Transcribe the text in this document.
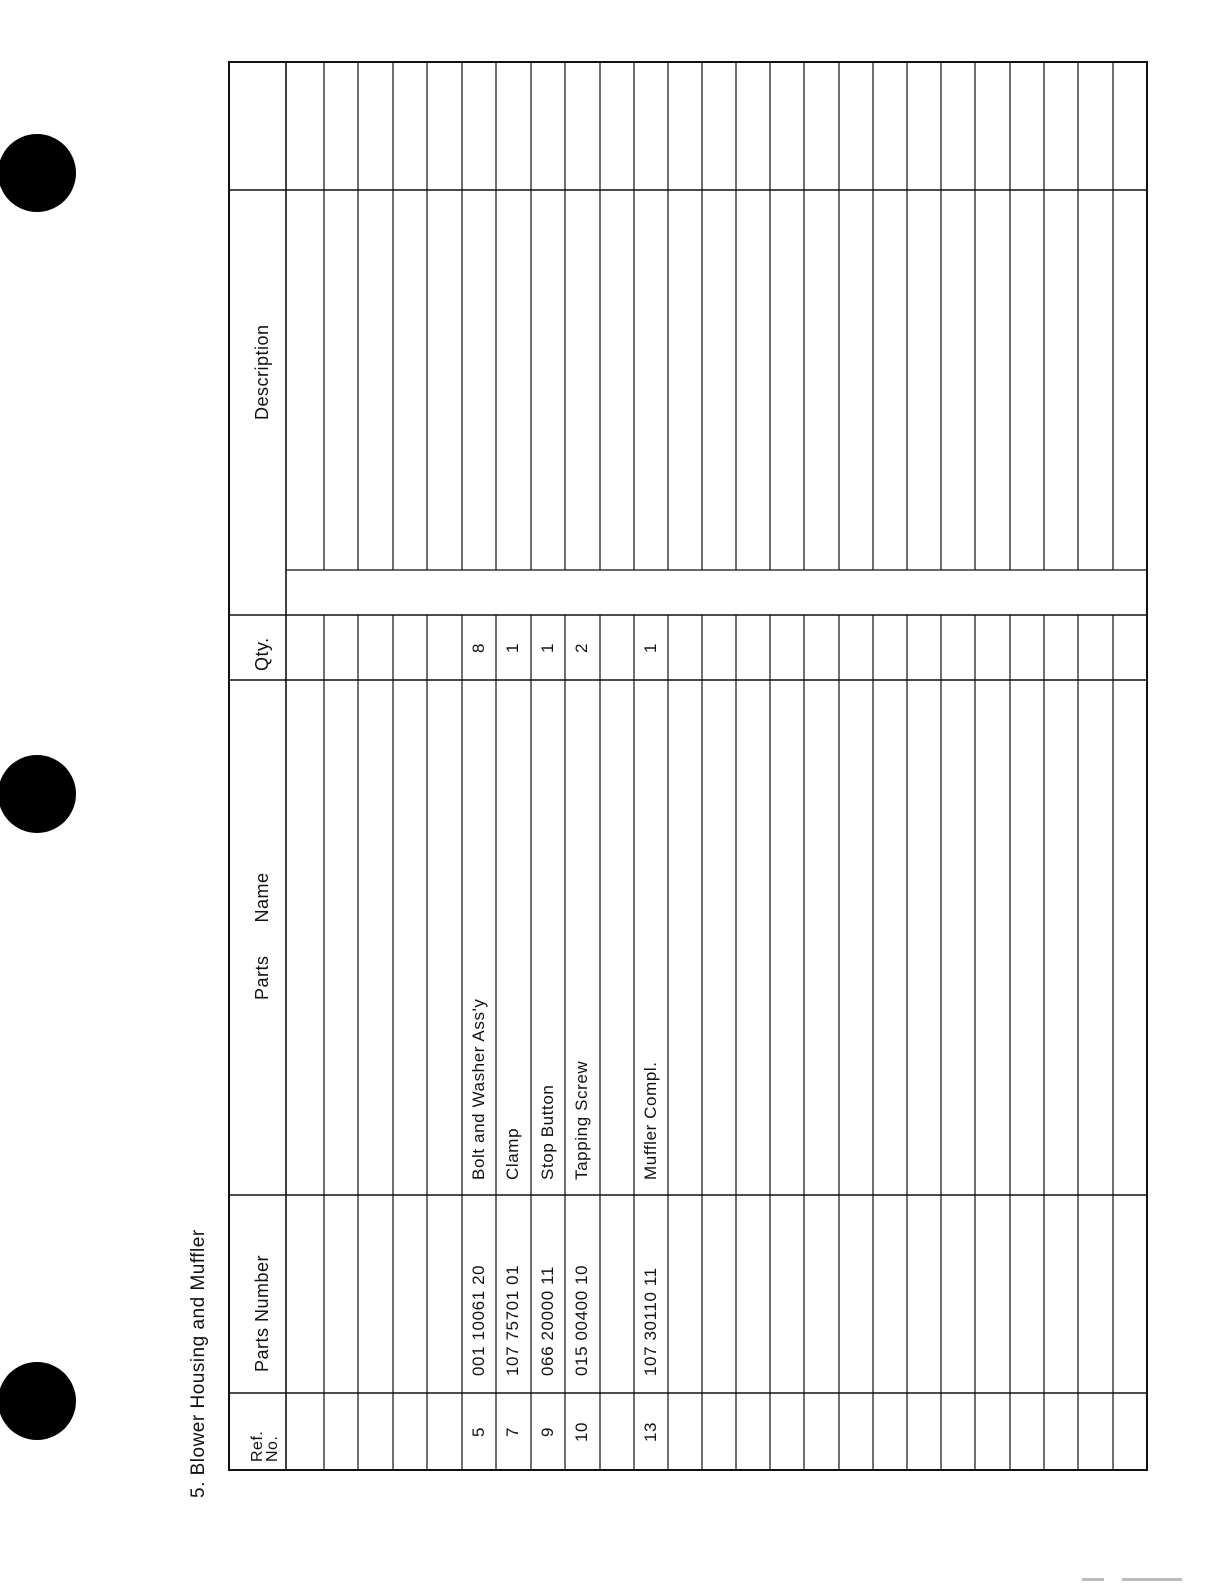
5. Blower Housing and Muffler	Ref.
No.
Parts Number
Parts      Name
Qty.
Description
5
001 10061 20
Bolt and Washer Ass'y
8
7
107 75701 01
Clamp
1
9
066 20000 11
Stop Button
1
10
015 00400 10
Tapping Screw
2
13
107 30110 11
Muffler Compl.
1
